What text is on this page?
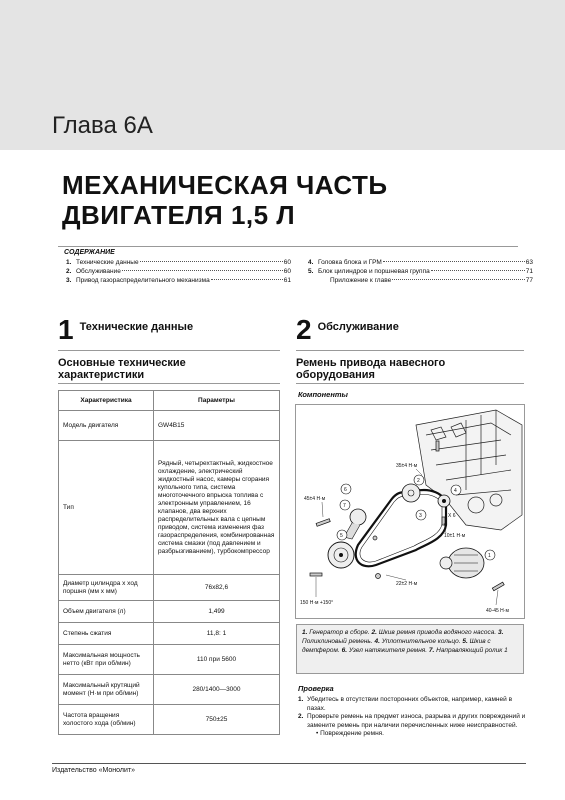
Глава 6A
МЕХАНИЧЕСКАЯ ЧАСТЬ
ДВИГАТЕЛЯ 1,5 Л
СОДЕРЖАНИЕ
1. Технические данные	60
2. Обслуживание	60
3. Привод газораспределительного механизма	61
4. Головка блока и ГРМ	63
5. Блок цилиндров и поршневая группа	71
Приложение к главе	77
1 Технические данные
Основные технические
характеристики
Характеристика	Параметры
Модель двигателя	GW4B15
Тип	Рядный, четырехтактный, жидкостное охлаждение, электрический жидкостный насос, камеры сгорания купольного типа, система многоточечного впрыска топлива с электронным управлением, 16 клапанов, два верхних распределительных вала с цепным приводом, система изменения фаз газораспределения, комбинированная система смазки (под давлением и разбрызгиванием), турбокомпрессор
Диаметр цилиндра x ход поршня (мм x мм)	76x82,6
Объем двигателя (л)	1,499
Степень сжатия	11,8: 1
Максимальная мощность нетто (кВт при об/мин)	110 при 5600
Максимальный крутящий момент (Н·м при об/мин)	280/1400—3000
Частота вращения холостого хода (об/мин)	750±25
2 Обслуживание
Ремень привода навесного
оборудования
Компоненты
6
7
2
4
3
5
1
35±4 Н·м
45±4 Н·м
10±1 Н·м
22±2 Н·м
150 Н·м +150°
40-45 Н·м
X 6
1. Генератор в сборе. 2. Шкив ремня привода водяного насоса. 3. Поликлиновый ремень. 4. Уплотнительное кольцо. 5. Шкив с демпфером. 6. Узел натяжителя ремня. 7. Направляющий ролик 1
Проверка
1. Убедитесь в отсутствии посторонних объектов, например, камней в пазах.
2. Проверьте ремень на предмет износа, разрыва и других повреждений и замените ремень при наличии перечисленных ниже неисправностей.
• Повреждение ремня.
Издательство «Монолит»
